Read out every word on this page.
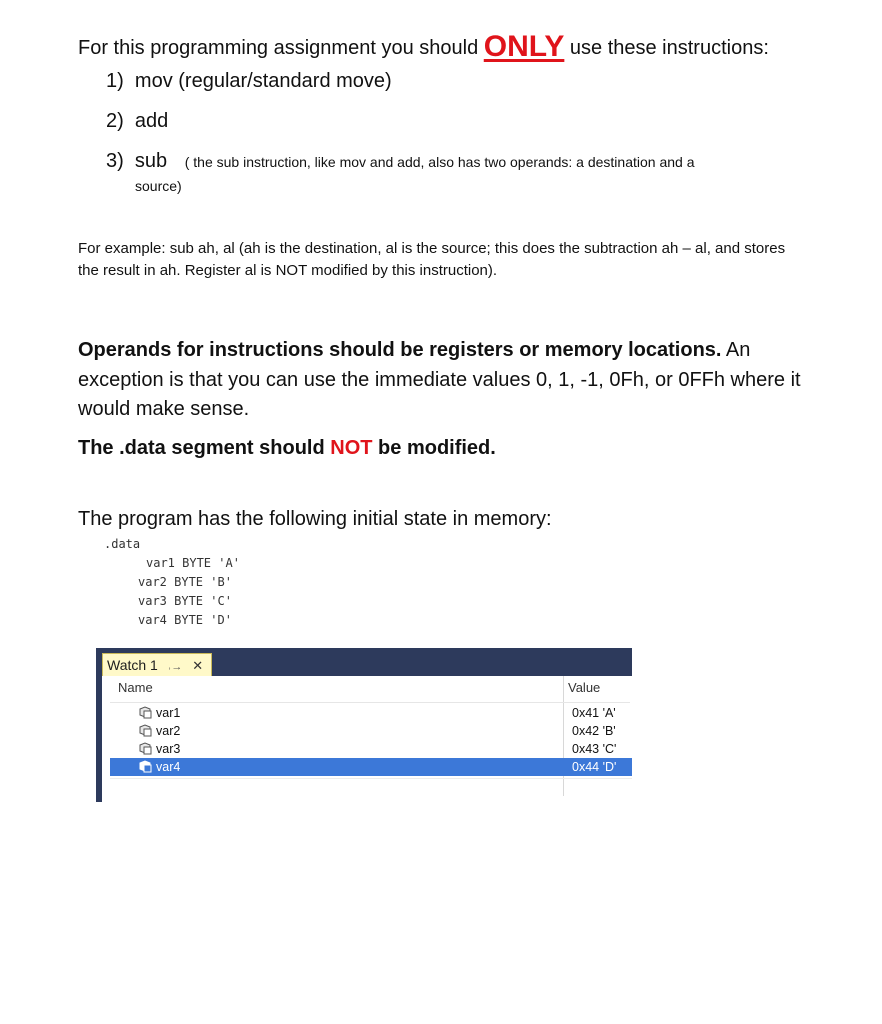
For this programming assignment you should ONLY use these instructions:
1) mov (regular/standard move)
2) add
3) sub ( the sub instruction, like mov and add, also has two operands: a destination and a
source)
For example: sub ah, al (ah is the destination, al is the source; this does the subtraction ah – al, and stores the result in ah. Register al is NOT modified by this instruction).
Operands for instructions should be registers or memory locations. An exception is that you can use the immediate values 0, 1, -1, 0Fh, or 0FFh where it would make sense.
The .data segment should NOT be modified.
The program has the following initial state in memory:
.data
var1 BYTE 'A'
var2 BYTE 'B'
var3 BYTE 'C'
var4 BYTE 'D'
Watch 1 ˒→ ✕
Name	Value
var1	0x41 'A'
var2	0x42 'B'
var3	0x43 'C'
var4	0x44 'D'
